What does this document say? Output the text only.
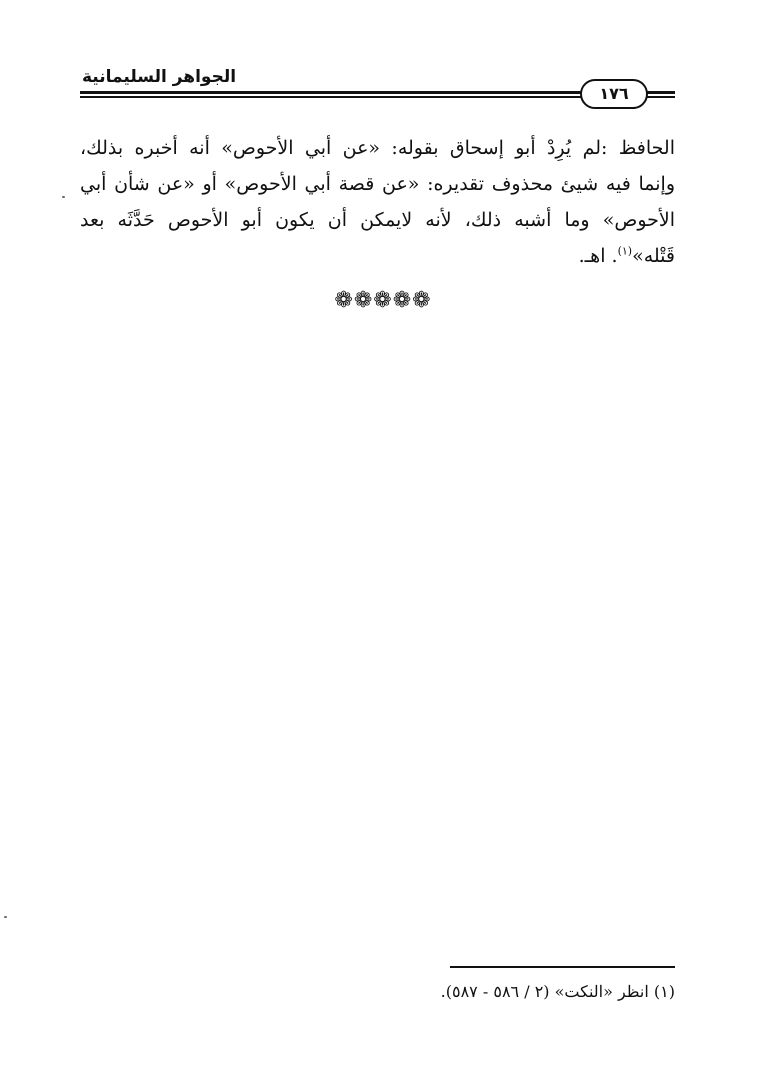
الجواهر السليمانية
١٧٦
الحافظ :لم يُرِدْ أبو إسحاق بقوله: «عن أبي الأحوص» أنه أخبره بذلك،
وإنما فيه شيئ محذوف تقديره: «عن قصة أبي الأحوص» أو «عن شأن أبي
الأحوص» وما أشبه ذلك، لأنه لايمكن أن يكون أبو الأحوص حَدَّثَه بعد
قَتْله»$^{(١)}$. اهـ.
❁❁❁❁❁
(١) انظر «النكت» (٢ / ٥٨٦ - ٥٨٧).
